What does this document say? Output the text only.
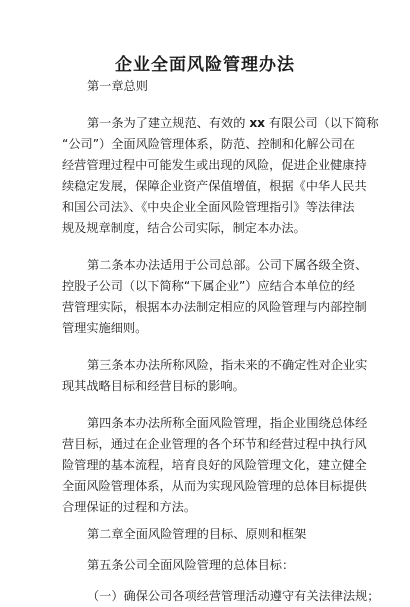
企业全面风险管理办法
第一章总则
第一条为了建立规范、有效的 xx 有限公司（以下简称
“公司”）全面风险管理体系，防范、控制和化解公司在
经营管理过程中可能发生或出现的风险，促进企业健康持
续稳定发展，保障企业资产保值增值，根据《中华人民共
和国公司法》、《中央企业全面风险管理指引》等法律法
规及规章制度，结合公司实际，制定本办法。
第二条本办法适用于公司总部。公司下属各级全资、
控股子公司（以下简称“下属企业”）应结合本单位的经
营管理实际，根据本办法制定相应的风险管理与内部控制
管理实施细则。
第三条本办法所称风险，指未来的不确定性对企业实
现其战略目标和经营目标的影响。
第四条本办法所称全面风险管理，指企业围绕总体经
营目标，通过在企业管理的各个环节和经营过程中执行风
险管理的基本流程，培育良好的风险管理文化，建立健全
全面风险管理体系，从而为实现风险管理的总体目标提供
合理保证的过程和方法。
第二章全面风险管理的目标、原则和框架
第五条公司全面风险管理的总体目标：
（一）确保公司各项经营管理活动遵守有关法律法规；
